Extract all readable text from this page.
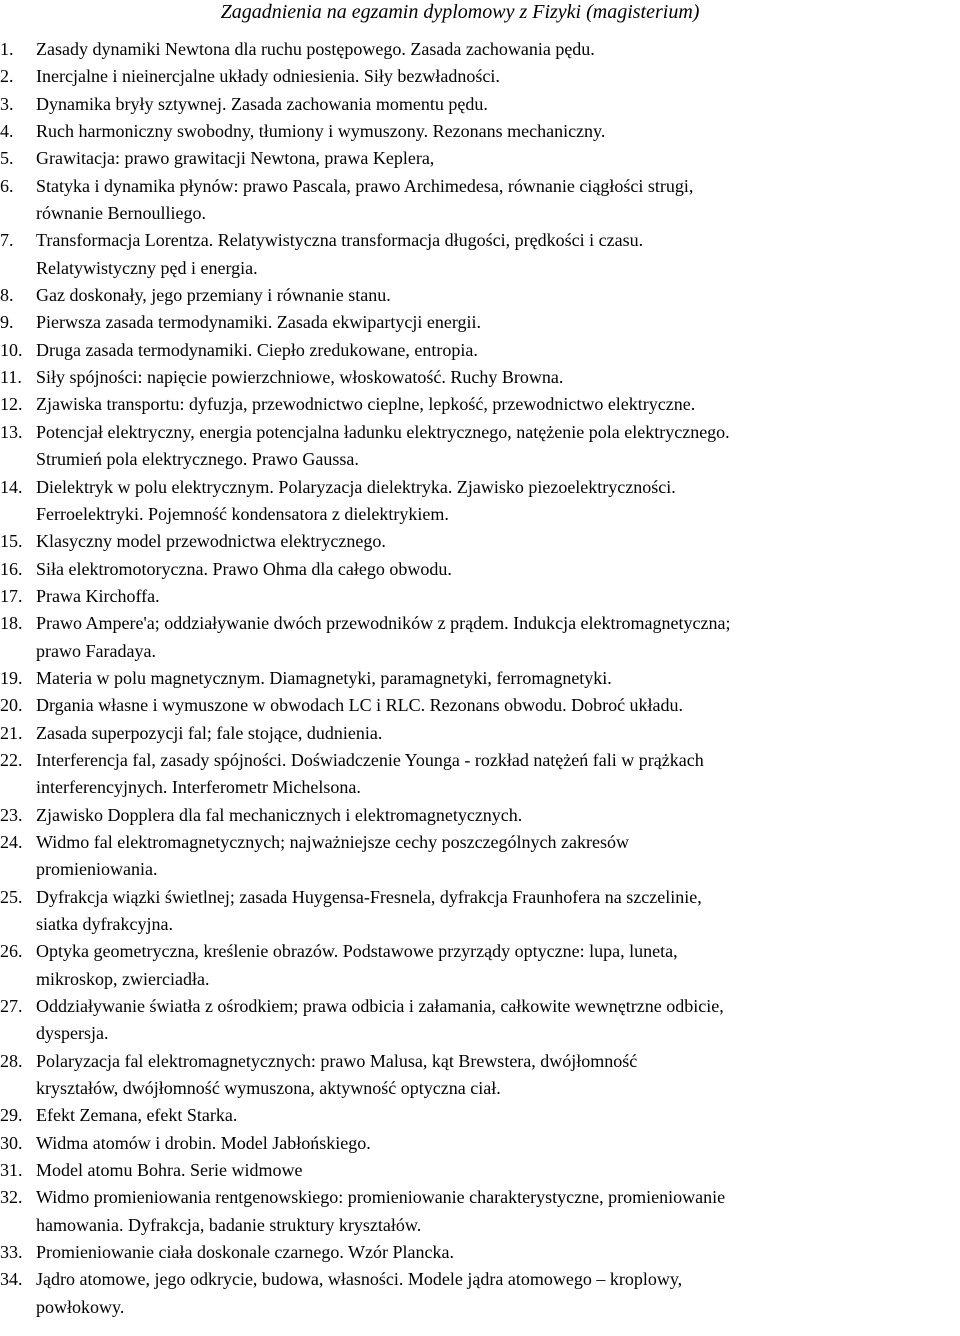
Zagadnienia na egzamin dyplomowy z Fizyki (magisterium)
1. Zasady dynamiki Newtona dla ruchu postępowego. Zasada zachowania pędu.
2. Inercjalne i nieinercjalne układy odniesienia. Siły bezwładności.
3. Dynamika bryły sztywnej. Zasada zachowania momentu pędu.
4. Ruch harmoniczny swobodny, tłumiony i wymuszony. Rezonans mechaniczny.
5. Grawitacja: prawo grawitacji Newtona, prawa Keplera,
6. Statyka i dynamika płynów: prawo Pascala, prawo Archimedesa, równanie ciągłości strugi,
równanie Bernoulliego.
7. Transformacja Lorentza. Relatywistyczna transformacja długości, prędkości i czasu.
Relatywistyczny pęd i energia.
8. Gaz doskonały, jego przemiany i równanie stanu.
9. Pierwsza zasada termodynamiki. Zasada ekwipartycji energii.
10. Druga zasada termodynamiki. Ciepło zredukowane, entropia.
11. Siły spójności: napięcie powierzchniowe, włoskowatość. Ruchy Browna.
12. Zjawiska transportu: dyfuzja, przewodnictwo cieplne, lepkość, przewodnictwo elektryczne.
13. Potencjał elektryczny, energia potencjalna ładunku elektrycznego, natężenie pola elektrycznego.
Strumień pola elektrycznego. Prawo Gaussa.
14. Dielektryk w polu elektrycznym. Polaryzacja dielektryka. Zjawisko piezoelektryczności.
Ferroelektryki. Pojemność kondensatora z dielektrykiem.
15. Klasyczny model przewodnictwa elektrycznego.
16. Siła elektromotoryczna. Prawo Ohma dla całego obwodu.
17. Prawa Kirchoffa.
18. Prawo Ampere'a; oddziaływanie dwóch przewodników z prądem. Indukcja elektromagnetyczna;
prawo Faradaya.
19. Materia w polu magnetycznym. Diamagnetyki, paramagnetyki, ferromagnetyki.
20. Drgania własne i wymuszone w obwodach LC i RLC. Rezonans obwodu. Dobroć układu.
21. Zasada superpozycji fal; fale stojące, dudnienia.
22. Interferencja fal, zasady spójności. Doświadczenie Younga - rozkład natężeń fali w prążkach
interferencyjnych. Interferometr Michelsona.
23. Zjawisko Dopplera dla fal mechanicznych i elektromagnetycznych.
24. Widmo fal elektromagnetycznych; najważniejsze cechy poszczególnych zakresów
promieniowania.
25. Dyfrakcja wiązki świetlnej; zasada Huygensa-Fresnela, dyfrakcja Fraunhofera na szczelinie,
siatka dyfrakcyjna.
26. Optyka geometryczna, kreślenie obrazów. Podstawowe przyrządy optyczne: lupa, luneta,
mikroskop, zwierciadła.
27. Oddziaływanie światła z ośrodkiem; prawa odbicia i załamania, całkowite wewnętrzne odbicie,
dyspersja.
28. Polaryzacja fal elektromagnetycznych: prawo Malusa, kąt Brewstera, dwójłomność
kryształów, dwójłomność wymuszona, aktywność optyczna ciał.
29. Efekt Zemana, efekt Starka.
30. Widma atomów i drobin. Model Jabłońskiego.
31. Model atomu Bohra. Serie widmowe
32. Widmo promieniowania rentgenowskiego: promieniowanie charakterystyczne, promieniowanie
hamowania. Dyfrakcja, badanie struktury kryształów.
33. Promieniowanie ciała doskonale czarnego. Wzór Plancka.
34. Jądro atomowe, jego odkrycie, budowa, własności. Modele jądra atomowego – kroplowy,
powłokowy.
